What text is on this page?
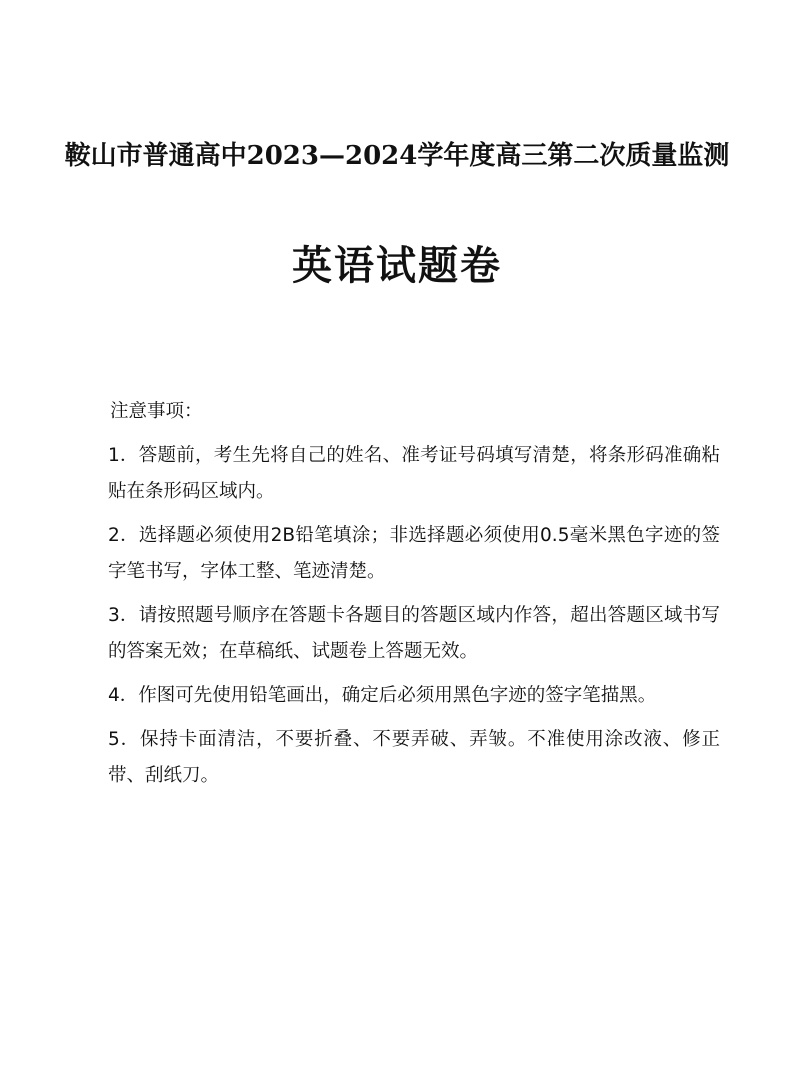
鞍山市普通高中2023—2024学年度高三第二次质量监测
英语试题卷
注意事项：
1．答题前，考生先将自己的姓名、准考证号码填写清楚，将条形码准确粘贴在条形码区域内。
2．选择题必须使用2B铅笔填涂；非选择题必须使用0.5毫米黑色字迹的签字笔书写，字体工整、笔迹清楚。
3．请按照题号顺序在答题卡各题目的答题区域内作答，超出答题区域书写的答案无效；在草稿纸、试题卷上答题无效。
4．作图可先使用铅笔画出，确定后必须用黑色字迹的签字笔描黑。
5．保持卡面清洁，不要折叠、不要弄破、弄皱。不准使用涂改液、修正带、刮纸刀。
